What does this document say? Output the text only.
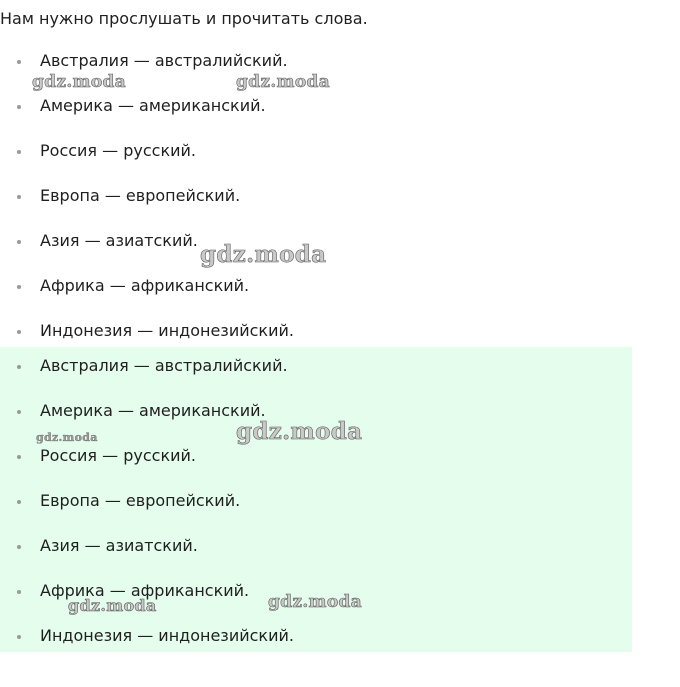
Нам нужно прослушать и прочитать слова.
Австралия — австралийский.
Америка — американский.
Россия — русский.
Европа — европейский.
Азия — азиатский.
Африка — африканский.
Индонезия — индонезийский.
Австралия — австралийский.
Америка — американский.
Россия — русский.
Европа — европейский.
Азия — азиатский.
Африка — африканский.
Индонезия — индонезийский.
gdz.moda	gdz.moda
gdz.moda
gdz.moda
gdz.moda
gdz.moda	gdz.moda
